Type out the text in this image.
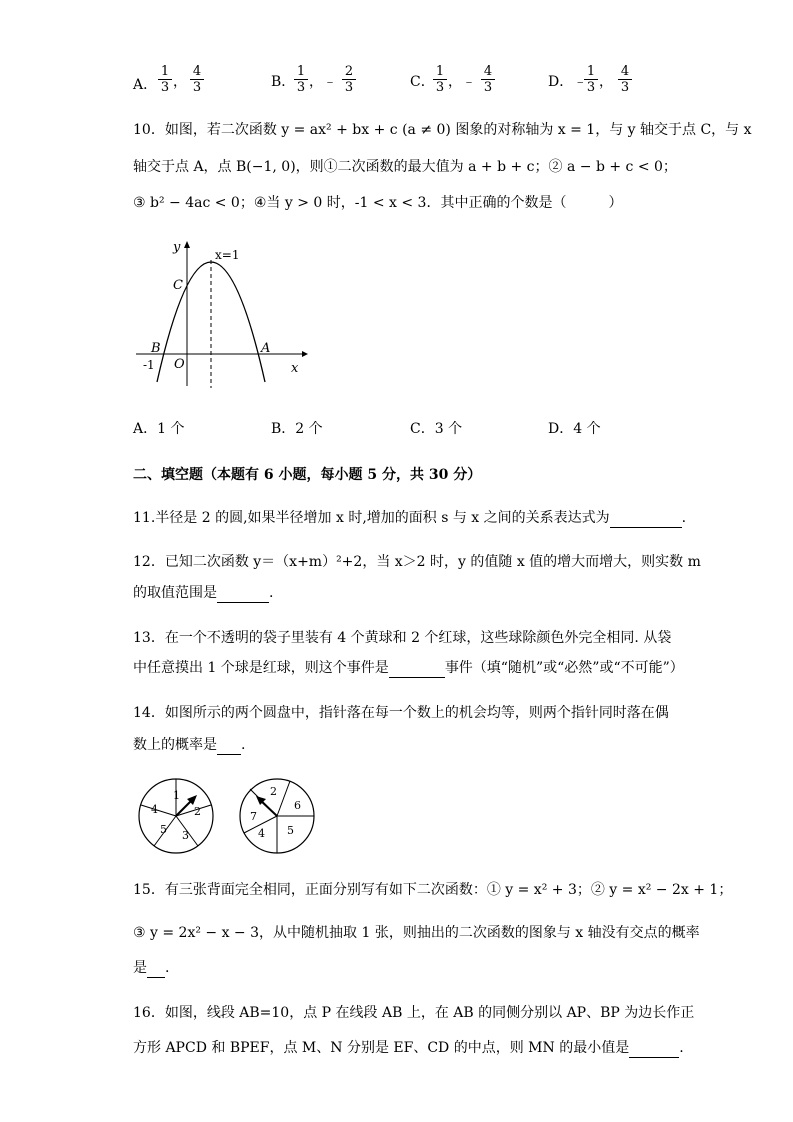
A．
1
3 ，
4
3	B．
1
3 ，﹣
2
3	C．
1
3 ，﹣
4
3	D．﹣
1
3 ，
4
3
10．如图，若二次函数 y = ax² + bx + c (a ≠ 0) 图象的对称轴为 x = 1，与 y 轴交于点 C，与 x
轴交于点 A，点 B(−1, 0)，则①二次函数的最大值为 a + b + c；② a − b + c < 0；
③ b² − 4ac < 0；④当 y > 0 时，-1 < x < 3．其中正确的个数是（　　　）
y	x=1
C
B	A
-1 O	x
A．1 个	B．2 个	C．3 个	D．4 个
二、填空题（本题有 6 小题，每小题 5 分，共 30 分）
11.半径是 2 的圆,如果半径增加 x 时,增加的面积 s 与 x 之间的关系表达式为	.
12．已知二次函数 y＝（x+m）²+2，当 x＞2 时，y 的值随 x 值的增大而增大，则实数 m
的取值范围是	.
13．在一个不透明的袋子里装有 4 个黄球和 2 个红球，这些球除颜色外完全相同. 从袋
中任意摸出 1 个球是红球，则这个事件是	事件（填“随机”或“必然”或“不可能”）
14．如图所示的两个圆盘中，指针落在每一个数上的机会均等，则两个指针同时落在偶
数上的概率是 .
1
2
3
5
4
2
6
5
4
7
15．有三张背面完全相同，正面分别写有如下二次函数：① y = x² + 3；② y = x² − 2x + 1；
③ y = 2x² − x − 3，从中随机抽取 1 张，则抽出的二次函数的图象与 x 轴没有交点的概率
是 .
16．如图，线段 AB=10，点 P 在线段 AB 上，在 AB 的同侧分别以 AP、BP 为边长作正
方形 APCD 和 BPEF，点 M、N 分别是 EF、CD 的中点，则 MN 的最小值是	.
